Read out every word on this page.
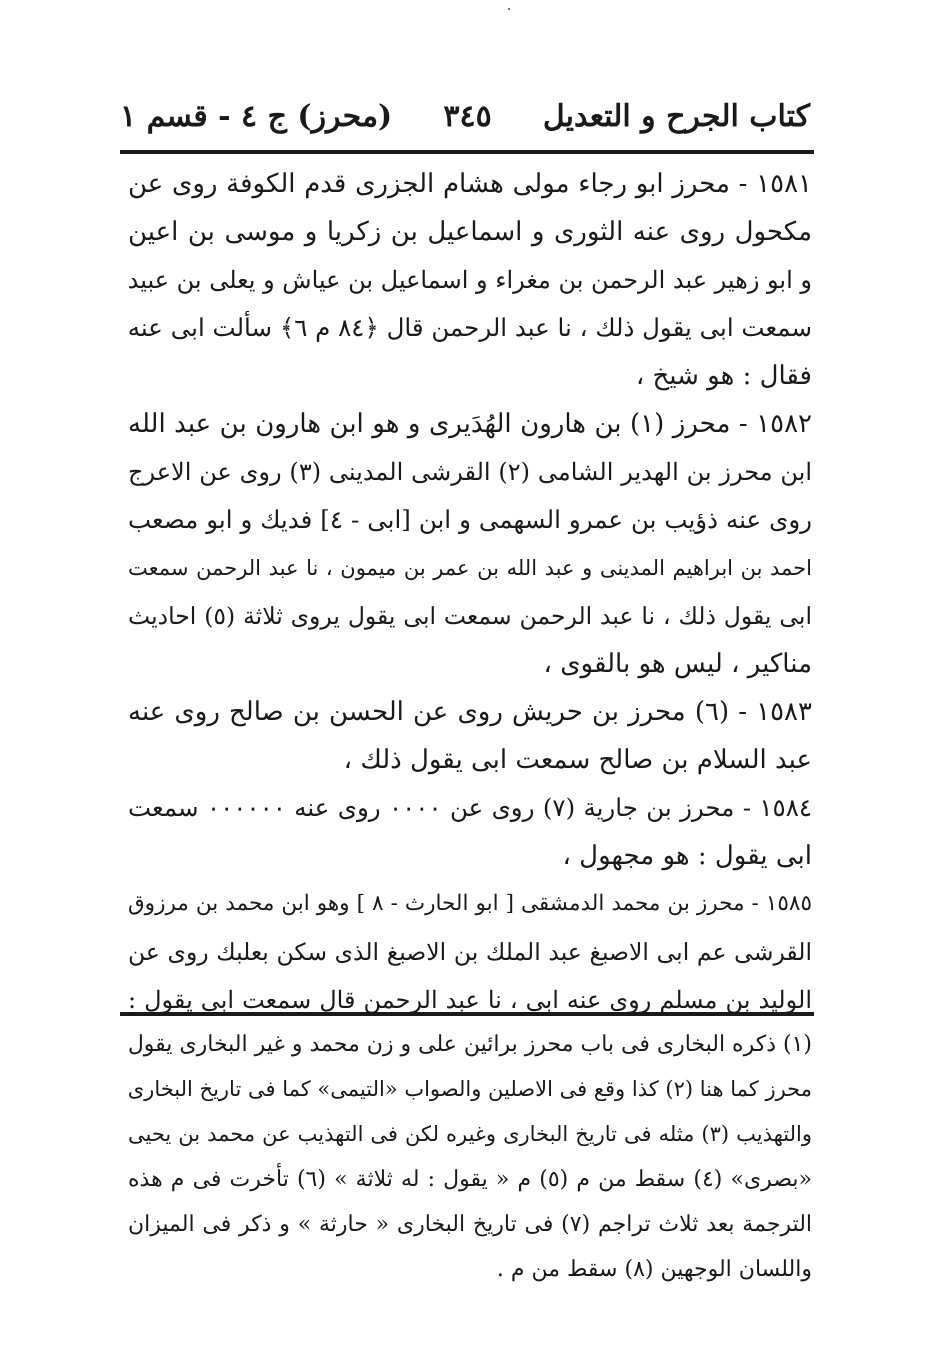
كتاب الجرح و التعديل
٣٤٥
(محرز) ج ٤ - قسم ١
١٥٨١ - محرز ابو رجاء مولى هشام الجزرى قدم الكوفة روى عن
مكحول روى عنه الثورى و اسماعيل بن زكريا و موسى بن اعين
و ابو زهير عبد الرحمن بن مغراء و اسماعيل بن عياش و يعلى بن عبيد
سمعت ابى يقول ذلك ، نا عبد الرحمن قال ﴿٨٤ م ٦﴾ سألت ابى عنه
فقال : هو شيخ ،
١٥٨٢ - محرز (١) بن هارون الهُدَيرى و هو ابن هارون بن عبد الله
ابن محرز بن الهدير الشامى (٢) القرشى المدينى (٣) روى عن الاعرج
روى عنه ذؤيب بن عمرو السهمى و ابن [ابى - ٤] فديك و ابو مصعب
احمد بن ابراهيم المدينى و عبد الله بن عمر بن ميمون ، نا عبد الرحمن سمعت
ابى يقول ذلك ، نا عبد الرحمن سمعت ابى يقول يروى ثلاثة (٥) احاديث
مناكير ، ليس هو بالقوى ،
١٥٨٣ - (٦) محرز بن حريش روى عن الحسن بن صالح روى عنه
عبد السلام بن صالح سمعت ابى يقول ذلك ،
١٥٨٤ - محرز بن جارية (٧) روى عن ٠٠٠٠ روى عنه ٠٠٠٠٠٠ سمعت
ابى يقول : هو مجهول ،
١٥٨٥ - محرز بن محمد الدمشقى [ ابو الحارث - ٨ ] وهو ابن محمد بن مرزوق
القرشى عم ابى الاصبغ عبد الملك بن الاصبغ الذى سكن بعلبك روى عن
الوليد بن مسلم روى عنه ابى ، نا عبد الرحمن قال سمعت ابى يقول :
(١) ذكره البخارى فى باب محرز برائين على و زن محمد و غير البخارى يقول
محرز كما هنا (٢) كذا وقع فى الاصلين والصواب «التيمى» كما فى تاريخ البخارى
والتهذيب (٣) مثله فى تاريخ البخارى وغيره لكن فى التهذيب عن محمد بن يحيى
«بصرى» (٤) سقط من م (٥) م « يقول : له ثلاثة » (٦) تأخرت فى م هذه
الترجمة بعد ثلاث تراجم (٧) فى تاريخ البخارى « حارثة » و ذكر فى الميزان
واللسان الوجهين (٨) سقط من م .
